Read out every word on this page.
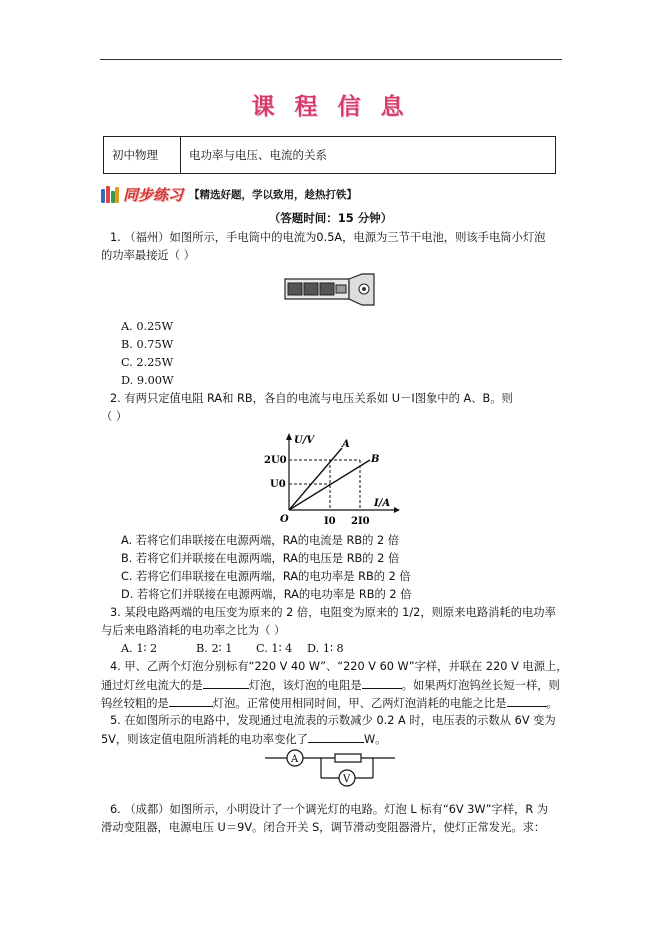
课 程 信 息
初中物理	电功率与电压、电流的关系
同步练习 【精选好题，学以致用，趁热打铁】
（答题时间：15 分钟）
1. （福州）如图所示，手电筒中的电流为0.5A，电源为三节干电池，则该手电筒小灯泡
的功率最接近（ ）
A. 0.25W
B. 0.75W
C. 2.25W
D. 9.00W
2. 有两只定值电阻 RA和 RB，各自的电流与电压关系如 U－I图象中的 A、B。则
（ ）
U/V
I/A
2U0
U0
I0 2I0
O
A
B
A. 若将它们串联接在电源两端，RA的电流是 RB的 2 倍
B. 若将它们并联接在电源两端，RA的电压是 RB的 2 倍
C. 若将它们串联接在电源两端，RA的电功率是 RB的 2 倍
D. 若将它们并联接在电源两端，RA的电功率是 RB的 2 倍
3. 某段电路两端的电压变为原来的 2 倍，电阻变为原来的 1/2，则原来电路消耗的电功率
与后来电路消耗的电功率之比为（ ）
A. 1∶ 2	B. 2∶ 1 C. 1∶ 4 D. 1∶ 8
4. 甲、乙两个灯泡分别标有“220 V 40 W”、“220 V 60 W”字样，并联在 220 V 电源上，
通过灯丝电流大的是	灯泡，该灯泡的电阻是	。如果两灯泡钨丝长短一样，则
钨丝较粗的是	灯泡。正常使用相同时间，甲、乙两灯泡消耗的电能之比是	。
5. 在如图所示的电路中，发现通过电流表的示数减少 0.2 A 时，电压表的示数从 6V 变为
5V，则该定值电阻所消耗的电功率变化了	W。
A
V
6. （成都）如图所示，小明设计了一个调光灯的电路。灯泡 L 标有“6V 3W”字样，R 为
滑动变阻器，电源电压 U＝9V。闭合开关 S，调节滑动变阻器滑片，使灯正常发光。求：
